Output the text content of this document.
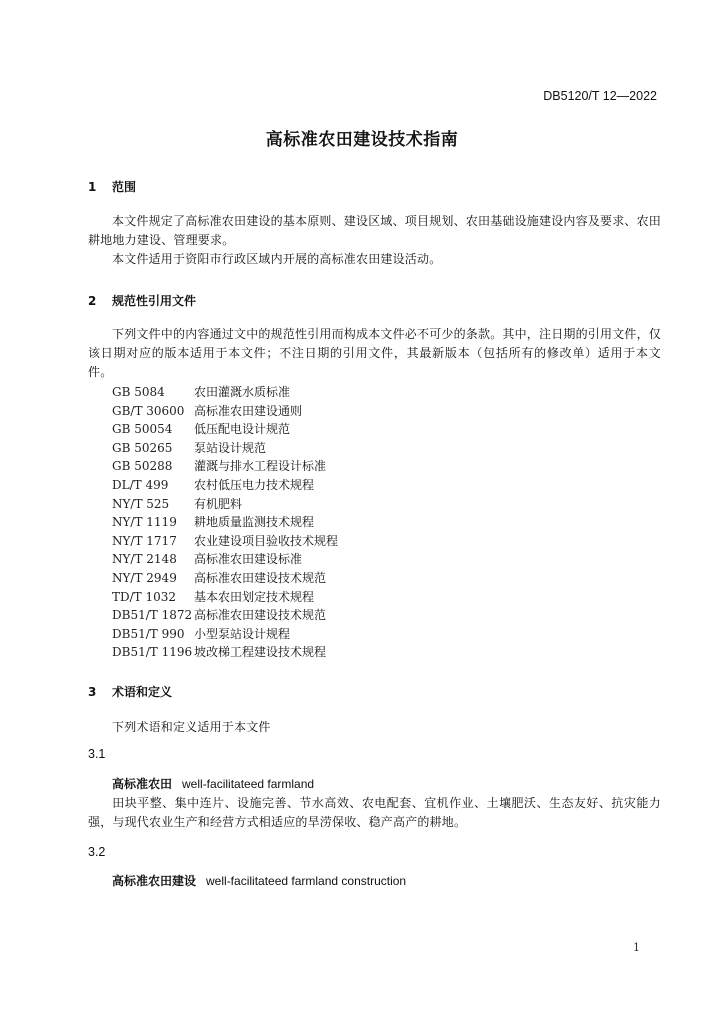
DB5120/T 12—2022
高标准农田建设技术指南
1 范围
本文件规定了高标准农田建设的基本原则、建设区域、项目规划、农田基础设施建设内容及要求、农田耕地地力建设、管理要求。
本文件适用于资阳市行政区域内开展的高标准农田建设活动。
2 规范性引用文件
下列文件中的内容通过文中的规范性引用而构成本文件必不可少的条款。其中，注日期的引用文件，仅该日期对应的版本适用于本文件；不注日期的引用文件，其最新版本（包括所有的修改单）适用于本文件。
GB 5084 农田灌溉水质标准
GB/T 30600 高标准农田建设通则
GB 50054 低压配电设计规范
GB 50265 泵站设计规范
GB 50288 灌溉与排水工程设计标准
DL/T 499 农村低压电力技术规程
NY/T 525 有机肥料
NY/T 1119 耕地质量监测技术规程
NY/T 1717 农业建设项目验收技术规程
NY/T 2148 高标准农田建设标准
NY/T 2949 高标准农田建设技术规范
TD/T 1032 基本农田划定技术规程
DB51/T 1872 高标准农田建设技术规范
DB51/T 990 小型泵站设计规程
DB51/T 1196 坡改梯工程建设技术规程
3 术语和定义
下列术语和定义适用于本文件
3.1
高标准农田 well-facilitateed farmland
田块平整、集中连片、设施完善、节水高效、农电配套、宜机作业、土壤肥沃、生态友好、抗灾能力强，与现代农业生产和经营方式相适应的旱涝保收、稳产高产的耕地。
3.2
高标准农田建设 well-facilitateed farmland construction
1
